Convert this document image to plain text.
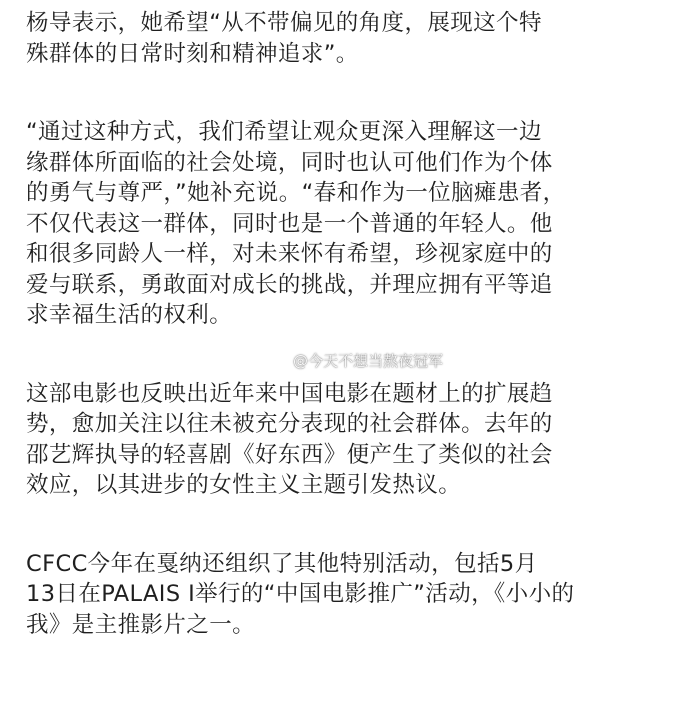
杨导表示，她希望“从不带偏见的角度，展现这个特
殊群体的日常时刻和精神追求”。

“通过这种方式，我们希望让观众更深入理解这一边
缘群体所面临的社会处境，同时也认可他们作为个体
的勇气与尊严，”她补充说。“春和作为一位脑瘫患者，
不仅代表这一群体，同时也是一个普通的年轻人。他
和很多同龄人一样，对未来怀有希望，珍视家庭中的
爱与联系，勇敢面对成长的挑战，并理应拥有平等追
求幸福生活的权利。

这部电影也反映出近年来中国电影在题材上的扩展趋
势，愈加关注以往未被充分表现的社会群体。去年的
邵艺辉执导的轻喜剧《好东西》便产生了类似的社会
效应，以其进步的女性主义主题引发热议。

CFCC今年在戛纳还组织了其他特别活动，包括5月
13日在PALAIS I举行的“中国电影推广”活动，《小小的
我》是主推影片之一。

@今天不想当熬夜冠军
